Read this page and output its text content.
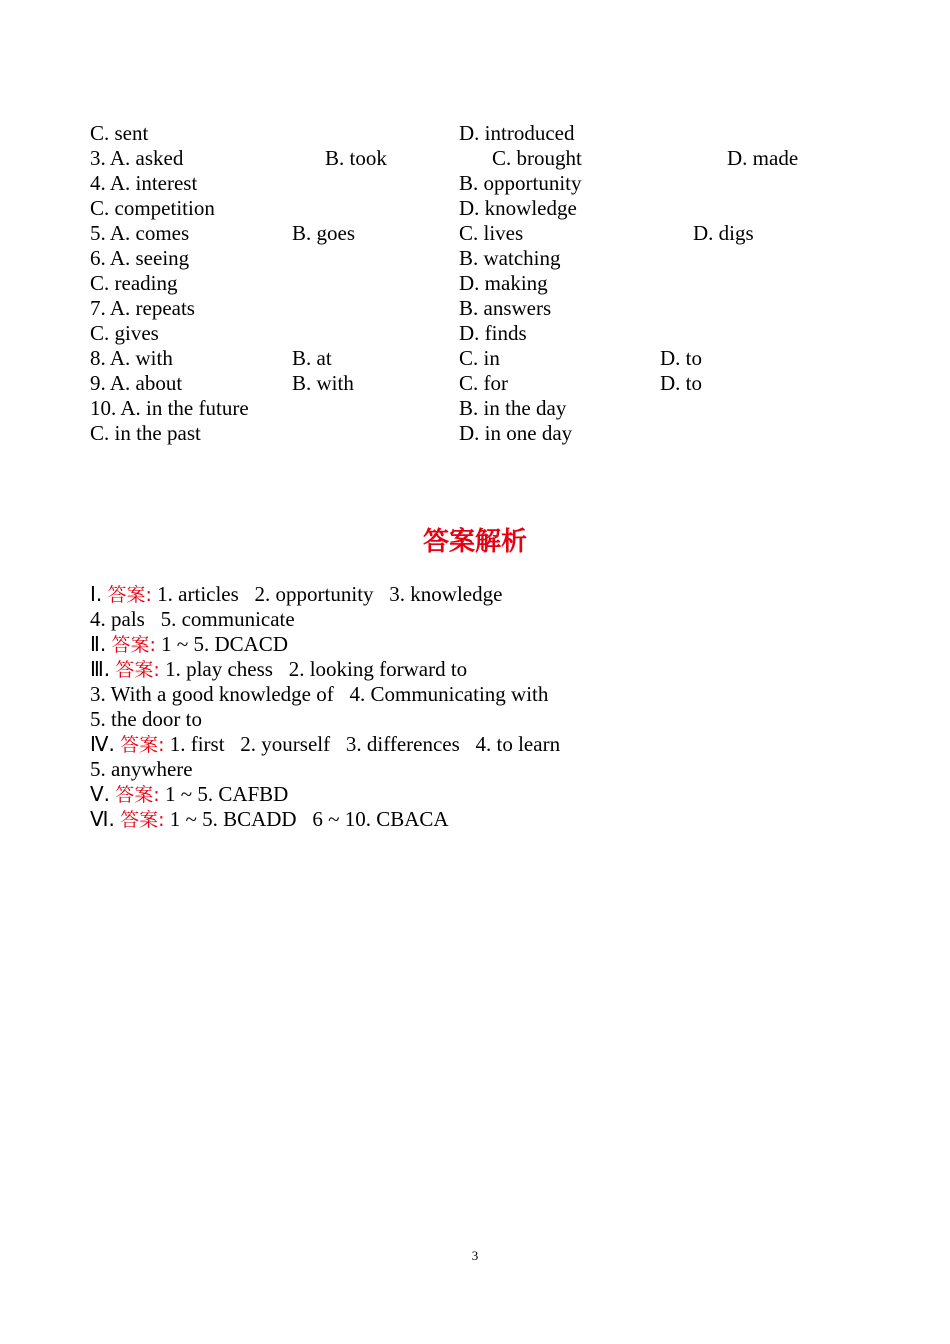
C. sent	D. introduced
3. A. asked	B. took	C. brought	D. made
4. A. interest	B. opportunity
C. competition	D. knowledge
5. A. comes	B. goes	C. lives	D. digs
6. A. seeing	B. watching
C. reading	D. making
7. A. repeats	B. answers
C. gives	D. finds
8. A. with	B. at	C. in	D. to
9. A. about	B. with	C. for	D. to
10. A. in the future	B. in the day
C. in the past	D. in one day
答案解析
Ⅰ. 答案: 1. articles   2. opportunity   3. knowledge
4. pals   5. communicate
Ⅱ. 答案: 1 ~ 5. DCACD
Ⅲ. 答案: 1. play chess   2. looking forward to
3. With a good knowledge of   4. Communicating with
5. the door to
Ⅳ. 答案: 1. first   2. yourself   3. differences   4. to learn
5. anywhere
Ⅴ. 答案: 1 ~ 5. CAFBD
Ⅵ. 答案: 1 ~ 5. BCADD   6 ~ 10. CBACA
3
